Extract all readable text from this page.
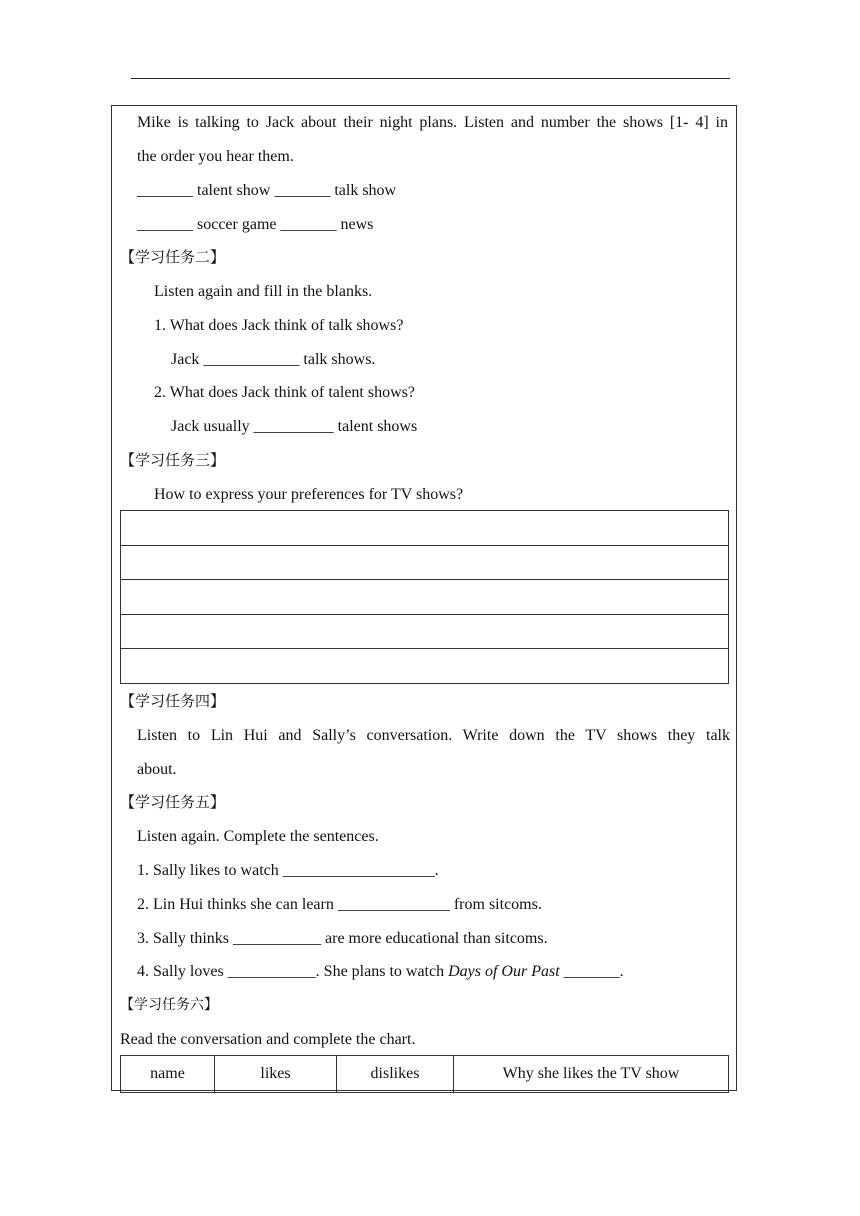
Mike is talking to Jack about their night plans. Listen and number the shows [1- 4] in
the order you hear them.
_______ talent show _______ talk show
_______ soccer game _______ news
【学习任务二】
Listen again and fill in the blanks.
1. What does Jack think of talk shows?
Jack ____________ talk shows.
2. What does Jack think of talent shows?
Jack usually __________ talent shows
【学习任务三】
How to express your preferences for TV shows?

【学习任务四】
Listen to Lin Hui and Sally’s conversation. Write down the TV shows they talk
about.
【学习任务五】
Listen again. Complete the sentences.
1. Sally likes to watch ___________________.
2. Lin Hui thinks she can learn ______________ from sitcoms.
3. Sally thinks ___________ are more educational than sitcoms.
4. Sally loves ___________. She plans to watch Days of Our Past _______.
【学习任务六】
Read the conversation and complete the chart.
name	likes	dislikes	Why she likes the TV show
